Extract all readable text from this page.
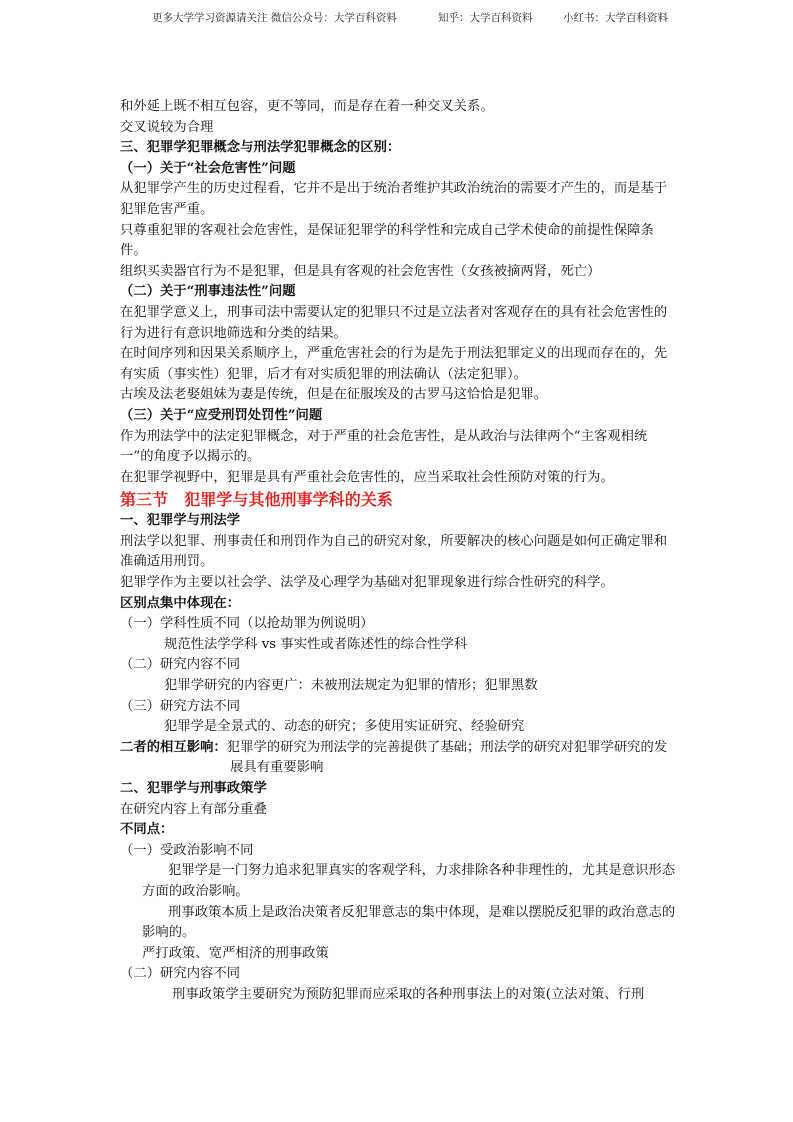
更多大学学习资源请关注 微信公众号：大学百科资料	知乎：大学百科资料	小红书：大学百科资料

和外延上既不相互包容，更不等同，而是存在着一种交叉关系。

交叉说较为合理

三、犯罪学犯罪概念与刑法学犯罪概念的区别：

（一）关于“社会危害性”问题

从犯罪学产生的历史过程看，它并不是出于统治者维护其政治统治的需要才产生的，而是基于犯罪危害严重。

只尊重犯罪的客观社会危害性，是保证犯罪学的科学性和完成自己学术使命的前提性保障条件。

组织买卖器官行为不是犯罪，但是具有客观的社会危害性（女孩被摘两肾，死亡）

（二）关于“刑事违法性”问题

在犯罪学意义上，刑事司法中需要认定的犯罪只不过是立法者对客观存在的具有社会危害性的行为进行有意识地筛选和分类的结果。

在时间序列和因果关系顺序上，严重危害社会的行为是先于刑法犯罪定义的出现而存在的，先有实质（事实性）犯罪，后才有对实质犯罪的刑法确认（法定犯罪）。

古埃及法老娶姐妹为妻是传统，但是在征服埃及的古罗马这恰恰是犯罪。

（三）关于“应受刑罚处罚性”问题

作为刑法学中的法定犯罪概念，对于严重的社会危害性，是从政治与法律两个“主客观相统一”的角度予以揭示的。

在犯罪学视野中，犯罪是具有严重社会危害性的，应当采取社会性预防对策的行为。

第三节　犯罪学与其他刑事学科的关系

一、犯罪学与刑法学

刑法学以犯罪、刑事责任和刑罚作为自己的研究对象，所要解决的核心问题是如何正确定罪和准确适用刑罚。

犯罪学作为主要以社会学、法学及心理学为基础对犯罪现象进行综合性研究的科学。

区别点集中体现在：

（一）学科性质不同（以抢劫罪为例说明）

规范性法学学科 vs 事实性或者陈述性的综合性学科

（二）研究内容不同

犯罪学研究的内容更广：未被刑法规定为犯罪的情形；犯罪黑数

（三）研究方法不同

犯罪学是全景式的、动态的研究；多使用实证研究、经验研究

二者的相互影响：犯罪学的研究为刑法学的完善提供了基础；刑法学的研究对犯罪学研究的发展具有重要影响

二、犯罪学与刑事政策学

在研究内容上有部分重叠

不同点：

（一）受政治影响不同

犯罪学是一门努力追求犯罪真实的客观学科，力求排除各种非理性的，尤其是意识形态方面的政治影响。

刑事政策本质上是政治决策者反犯罪意志的集中体现，是难以摆脱反犯罪的政治意志的影响的。

严打政策、宽严相济的刑事政策

（二）研究内容不同

刑事政策学主要研究为预防犯罪而应采取的各种刑事法上的对策(立法对策、行刑
